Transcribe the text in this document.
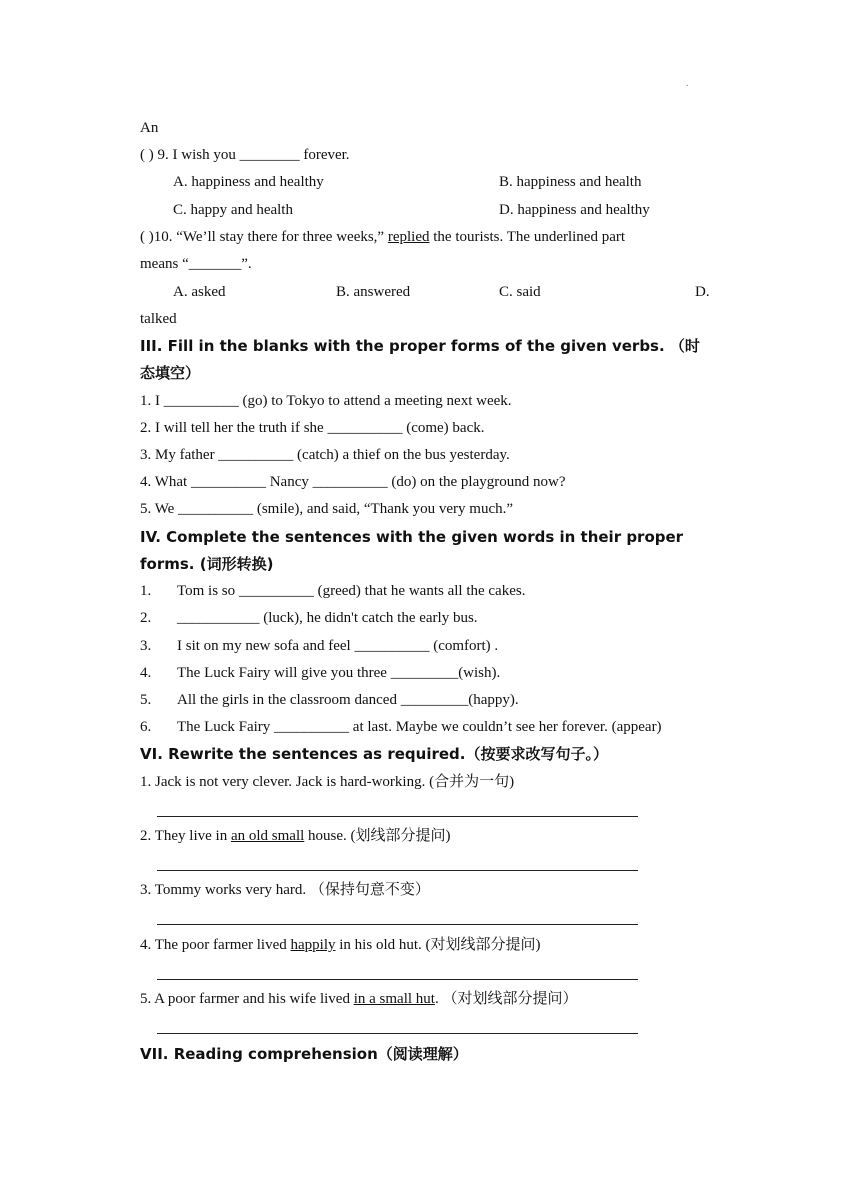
.
An
( ) 9. I wish you ________ forever.
A. happiness and healthy	B. happiness and health
C. happy and health	D. happiness and healthy
( )10. “We’ll stay there for three weeks,” replied the tourists. The underlined part
means “_______”.
A. asked	B. answered	C. said	D.
talked
III. Fill in the blanks with the proper forms of the given verbs. （时
态填空）
1. I __________ (go) to Tokyo to attend a meeting next week.
2. I will tell her the truth if she __________ (come) back.
3. My father __________ (catch) a thief on the bus yesterday.
4. What __________ Nancy __________ (do) on the playground now?
5. We __________ (smile), and said, “Thank you very much.”
IV. Complete the sentences with the given words in their proper
forms. (词形转换)
1. Tom is so __________ (greed) that he wants all the cakes.
2. ___________ (luck), he didn't catch the early bus.
3. I sit on my new sofa and feel __________ (comfort) .
4. The Luck Fairy will give you three _________(wish).
5. All the girls in the classroom danced _________(happy).
6. The Luck Fairy __________ at last. Maybe we couldn’t see her forever. (appear)
VI. Rewrite the sentences as required.（按要求改写句子。）
1. Jack is not very clever. Jack is hard-working. (合并为一句)
2. They live in an old small house. (划线部分提问)
3. Tommy works very hard. （保持句意不变）
4. The poor farmer lived happily in his old hut. (对划线部分提问)
5. A poor farmer and his wife lived in a small hut. （对划线部分提问）
VII. Reading comprehension（阅读理解）
